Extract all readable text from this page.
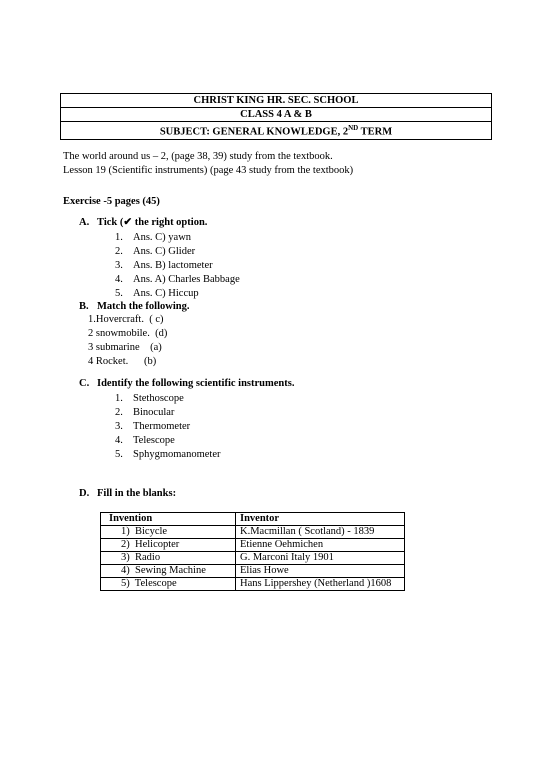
CHRIST KING HR. SEC. SCHOOL
CLASS 4 A & B
SUBJECT: GENERAL KNOWLEDGE, 2ND TERM
The world around us – 2, (page 38, 39) study from the textbook.
Lesson 19 (Scientific instruments) (page 43 study from the textbook)
Exercise -5 pages (45)
A. Tick (✔ the right option.
1. Ans. C) yawn
2. Ans. C) Glider
3. Ans. B) lactometer
4. Ans. A) Charles Babbage
5. Ans. C) Hiccup
B. Match the following.
1.Hovercraft.  ( c)
2 snowmobile.  (d)
3 submarine    (a)
4 Rocket.      (b)
C. Identify the following scientific instruments.
1. Stethoscope
2. Binocular
3. Thermometer
4. Telescope
5. Sphygmomanometer
D. Fill in the blanks:
Invention	Inventor
1)  Bicycle	K.Macmillan ( Scotland) - 1839
2)  Helicopter	Etienne Oehmichen
3)  Radio	G. Marconi Italy 1901
4)  Sewing Machine	Elias Howe
5)  Telescope	Hans Lippershey (Netherland )1608
